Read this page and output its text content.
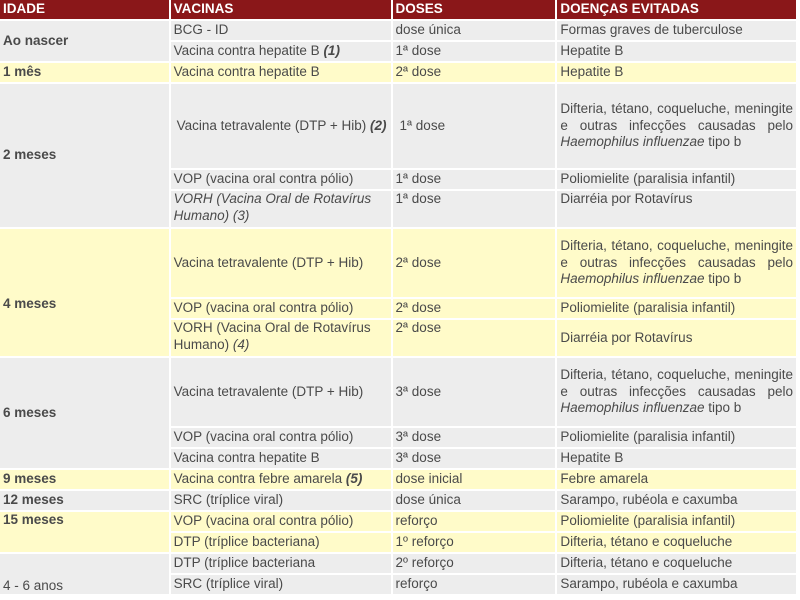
IDADE	VACINAS	DOSES	DOENÇAS EVITADAS
Ao nascer	BCG - ID	dose única	Formas graves de tuberculose
	Vacina contra hepatite B (1)	1ª dose	Hepatite B
1 mês	Vacina contra hepatite B	2ª dose	Hepatite B
2 meses	Vacina tetravalente (DTP + Hib) (2)	1ª dose	Difteria, tétano, coqueluche, meningite e outras infecções causadas pelo Haemophilus influenzae tipo b

	VOP (vacina oral contra pólio)	1ª dose	Poliomielite (paralisia infantil)
	VORH (Vacina Oral de Rotavírus Humano) (3)	1ª dose	Diarréia por Rotavírus
4 meses	Vacina tetravalente (DTP + Hib)	2ª dose	Difteria, tétano, coqueluche, meningite e outras infecções causadas pelo Haemophilus influenzae tipo b

	VOP (vacina oral contra pólio)	2ª dose	Poliomielite (paralisia infantil)
	VORH (Vacina Oral de Rotavírus Humano) (4)	2ª dose	Diarréia por Rotavírus
6 meses	Vacina tetravalente (DTP + Hib)	3ª dose	Difteria, tétano, coqueluche, meningite e outras infecções causadas pelo Haemophilus influenzae tipo b

	VOP (vacina oral contra pólio)	3ª dose	Poliomielite (paralisia infantil)
	Vacina contra hepatite B	3ª dose	Hepatite B
9 meses	Vacina contra febre amarela (5)	dose inicial	Febre amarela
12 meses	SRC (tríplice viral)	dose única	Sarampo, rubéola e caxumba
15 meses	VOP (vacina oral contra pólio)	reforço	Poliomielite (paralisia infantil)
	DTP (tríplice bacteriana)	1º reforço	Difteria, tétano e coqueluche
4 - 6 anos	DTP (tríplice bacteriana	2º reforço	Difteria, tétano e coqueluche
	SRC (tríplice viral)	reforço	Sarampo, rubéola e caxumba
